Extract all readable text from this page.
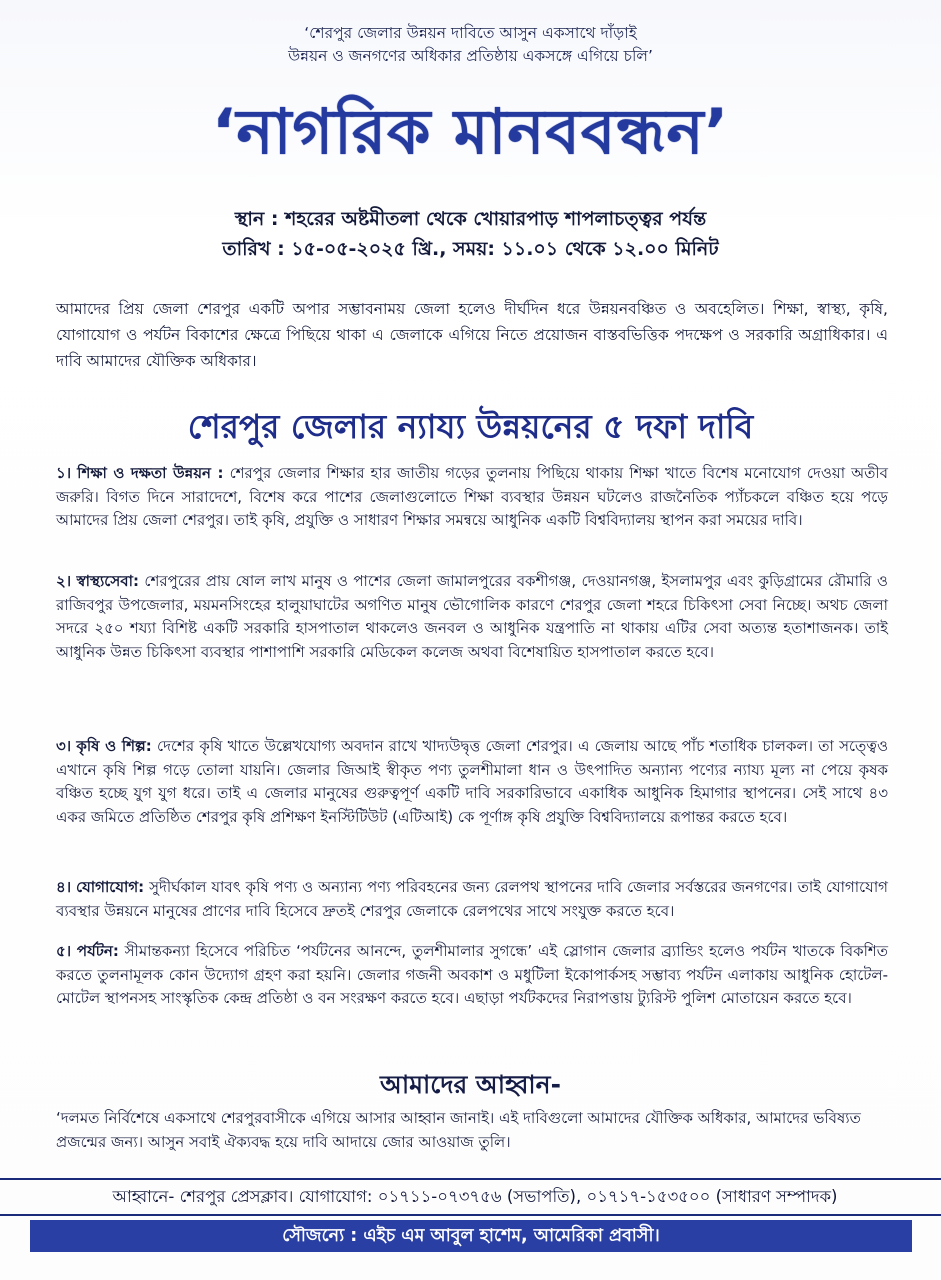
‘শেরপুর জেলার উন্নয়ন দাবিতে আসুন একসাথে দাঁড়াই
উন্নয়ন ও জনগণের অধিকার প্রতিষ্ঠায় একসঙ্গে এগিয়ে চলি’
‘নাগরিক মানববন্ধন’
স্থান : শহরের অষ্টমীতলা থেকে খোয়ারপাড় শাপলাচত্ত্বর পর্যন্ত
তারিখ : ১৫-০৫-২০২৫ খ্রি., সময়: ১১.০১ থেকে ১২.০০ মিনিট
আমাদের প্রিয় জেলা শেরপুর একটি অপার সম্ভাবনাময় জেলা হলেও দীর্ঘদিন ধরে উন্নয়নবঞ্চিত ও অবহেলিত। শিক্ষা, স্বাস্থ্য, কৃষি, যোগাযোগ ও পর্যটন বিকাশের ক্ষেত্রে পিছিয়ে থাকা এ জেলাকে এগিয়ে নিতে প্রয়োজন বাস্তবভিত্তিক পদক্ষেপ ও সরকারি অগ্রাধিকার। এ দাবি আমাদের যৌক্তিক অধিকার।
শেরপুর জেলার ন্যায্য উন্নয়নের ৫ দফা দাবি
১। শিক্ষা ও দক্ষতা উন্নয়ন : শেরপুর জেলার শিক্ষার হার জাতীয় গড়ের তুলনায় পিছিয়ে থাকায় শিক্ষা খাতে বিশেষ মনোযোগ দেওয়া অতীব জরুরি। বিগত দিনে সারাদেশে, বিশেষ করে পাশের জেলাগুলোতে শিক্ষা ব্যবস্থার উন্নয়ন ঘটলেও রাজনৈতিক প্যাঁচকলে বঞ্চিত হয়ে পড়ে আমাদের প্রিয় জেলা শেরপুর। তাই কৃষি, প্রযুক্তি ও সাধারণ শিক্ষার সমন্বয়ে আধুনিক একটি বিশ্ববিদ্যালয় স্থাপন করা সময়ের দাবি।
২। স্বাস্থ্যসেবা: শেরপুরের প্রায় ষোল লাখ মানুষ ও পাশের জেলা জামালপুরের বকশীগঞ্জ, দেওয়ানগঞ্জ, ইসলামপুর এবং কুড়িগ্রামের রৌমারি ও রাজিবপুর উপজেলার, ময়মনসিংহের হালুয়াঘাটের অগণিত মানুষ ভৌগোলিক কারণে শেরপুর জেলা শহরে চিকিৎসা সেবা নিচ্ছে। অথচ জেলা সদরে ২৫০ শয্যা বিশিষ্ট একটি সরকারি হাসপাতাল থাকলেও জনবল ও আধুনিক যন্ত্রপাতি না থাকায় এটির সেবা অত্যন্ত হতাশাজনক। তাই আধুনিক উন্নত চিকিৎসা ব্যবস্থার পাশাপাশি সরকারি মেডিকেল কলেজ অথবা বিশেষায়িত হাসপাতাল করতে হবে।
৩। কৃষি ও শিল্প: দেশের কৃষি খাতে উল্লেখযোগ্য অবদান রাখে খাদ্যউদ্বৃত্ত জেলা শেরপুর। এ জেলায় আছে পাঁচ শতাধিক চালকল। তা সত্ত্বেও এখানে কৃষি শিল্প গড়ে তোলা যায়নি। জেলার জিআই স্বীকৃত পণ্য তুলশীমালা ধান ও উৎপাদিত অন্যান্য পণ্যের ন্যায্য মূল্য না পেয়ে কৃষক বঞ্চিত হচ্ছে যুগ যুগ ধরে। তাই এ জেলার মানুষের গুরুত্বপূর্ণ একটি দাবি সরকারিভাবে একাধিক আধুনিক হিমাগার স্থাপনের। সেই সাথে ৪৩ একর জমিতে প্রতিষ্ঠিত শেরপুর কৃষি প্রশিক্ষণ ইনস্টিটিউট (এটিআই) কে পূর্ণাঙ্গ কৃষি প্রযুক্তি বিশ্ববিদ্যালয়ে রূপান্তর করতে হবে।
৪। যোগাযোগ: সুদীর্ঘকাল যাবৎ কৃষি পণ্য ও অন্যান্য পণ্য পরিবহনের জন্য রেলপথ স্থাপনের দাবি জেলার সর্বস্তরের জনগণের। তাই যোগাযোগ ব্যবস্থার উন্নয়নে মানুষের প্রাণের দাবি হিসেবে দ্রুতই শেরপুর জেলাকে রেলপথের সাথে সংযুক্ত করতে হবে।
৫। পর্যটন: সীমান্তকন্যা হিসেবে পরিচিত ‘পর্যটনের আনন্দে, তুলশীমালার সুগন্ধে’ এই স্লোগান জেলার ব্র্যান্ডিং হলেও পর্যটন খাতকে বিকশিত করতে তুলনামূলক কোন উদ্যোগ গ্রহণ করা হয়নি। জেলার গজনী অবকাশ ও মধুটিলা ইকোপার্কসহ সম্ভাব্য পর্যটন এলাকায় আধুনিক হোটেল-মোটেল স্থাপনসহ সাংস্কৃতিক কেন্দ্র প্রতিষ্ঠা ও বন সংরক্ষণ করতে হবে। এছাড়া পর্যটকদের নিরাপত্তায় ট্যুরিস্ট পুলিশ মোতায়েন করতে হবে।
আমাদের আহ্বান-
‘দলমত নির্বিশেষে একসাথে শেরপুরবাসীকে এগিয়ে আসার আহ্বান জানাই। এই দাবিগুলো আমাদের যৌক্তিক অধিকার, আমাদের ভবিষ্যত প্রজন্মের জন্য। আসুন সবাই ঐক্যবদ্ধ হয়ে দাবি আদায়ে জোর আওয়াজ তুলি।
আহ্বানে- শেরপুর প্রেসক্লাব। যোগাযোগ: ০১৭১১-০৭৩৭৫৬ (সভাপতি), ০১৭১৭-১৫৩৫০০ (সাধারণ সম্পাদক)
সৌজন্যে : এইচ এম আবুল হাশেম, আমেরিকা প্রবাসী।
